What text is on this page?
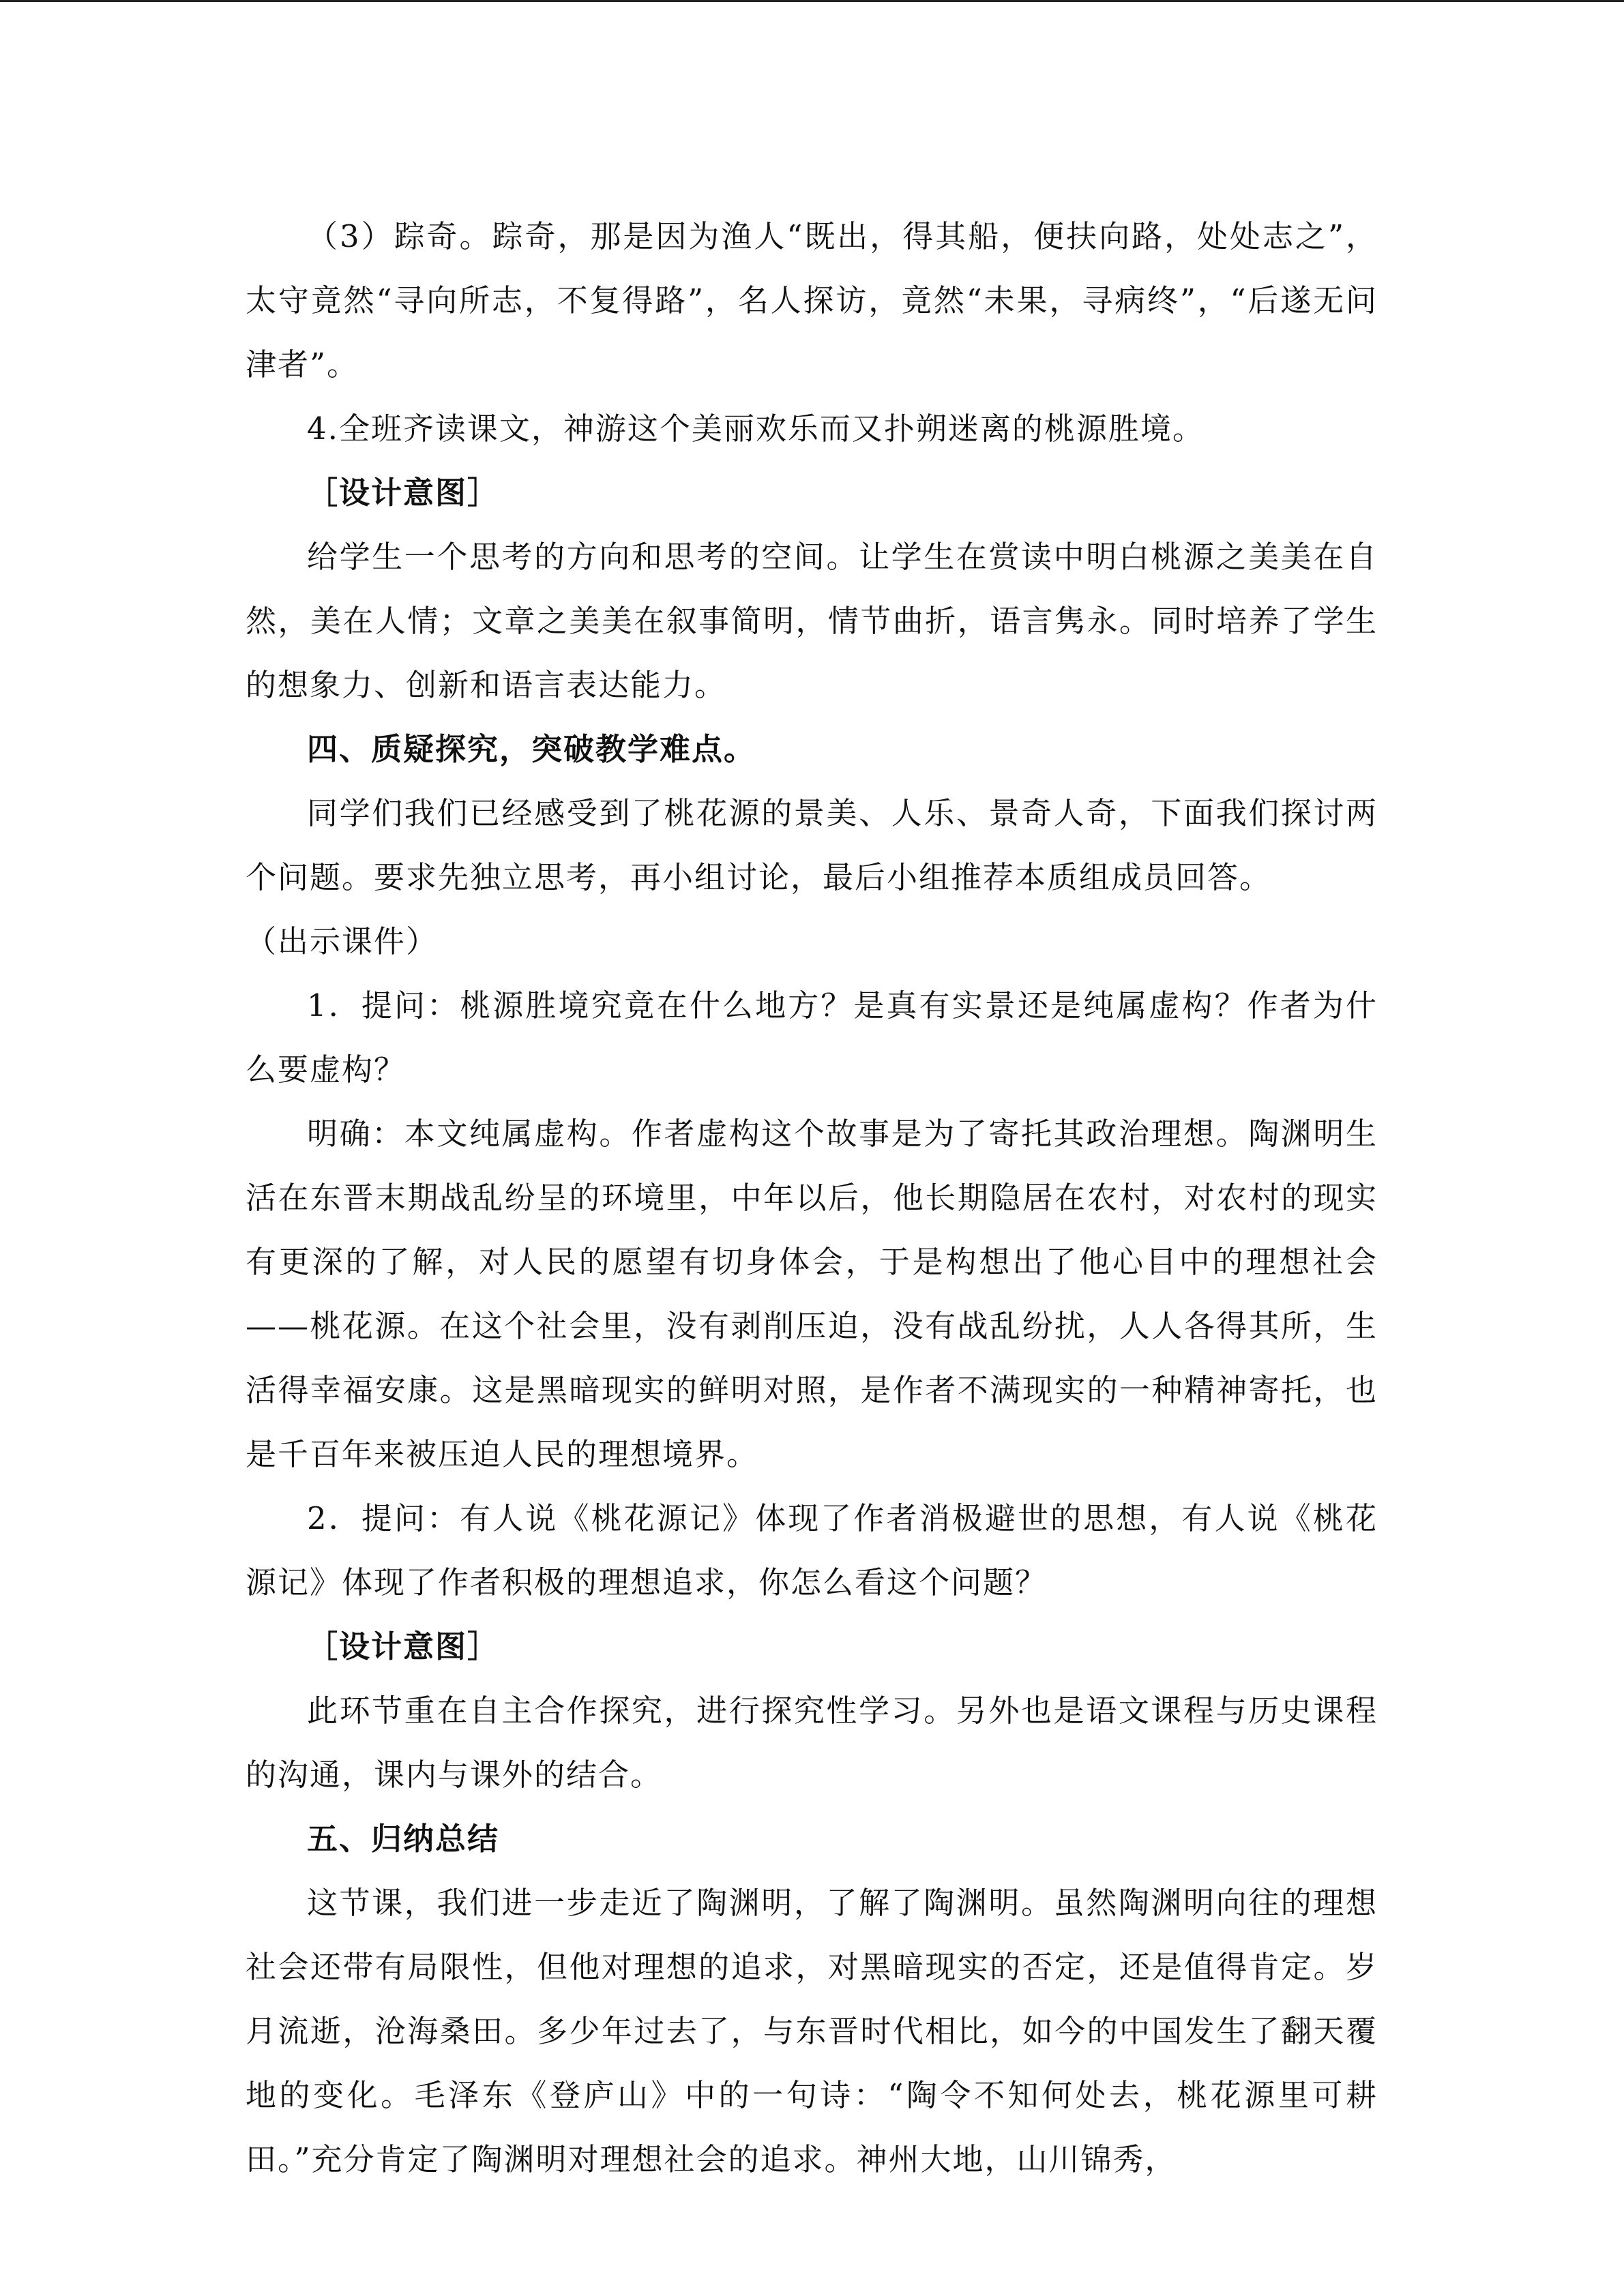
（3）踪奇。踪奇，那是因为渔人“既出，得其船，便扶向路，处处志之”，太守竟然“寻向所志，不复得路”，名人探访，竟然“未果，寻病终”，“后遂无问津者”。

4.全班齐读课文，神游这个美丽欢乐而又扑朔迷离的桃源胜境。

［设计意图］

给学生一个思考的方向和思考的空间。让学生在赏读中明白桃源之美美在自然，美在人情；文章之美美在叙事简明，情节曲折，语言隽永。同时培养了学生的想象力、创新和语言表达能力。

四、质疑探究，突破教学难点。

同学们我们已经感受到了桃花源的景美、人乐、景奇人奇，下面我们探讨两个问题。要求先独立思考，再小组讨论，最后小组推荐本质组成员回答。

（出示课件）

1．提问：桃源胜境究竟在什么地方？是真有实景还是纯属虚构？作者为什么要虚构？

明确：本文纯属虚构。作者虚构这个故事是为了寄托其政治理想。陶渊明生活在东晋末期战乱纷呈的环境里，中年以后，他长期隐居在农村，对农村的现实有更深的了解，对人民的愿望有切身体会，于是构想出了他心目中的理想社会——桃花源。在这个社会里，没有剥削压迫，没有战乱纷扰，人人各得其所，生活得幸福安康。这是黑暗现实的鲜明对照，是作者不满现实的一种精神寄托，也是千百年来被压迫人民的理想境界。

2．提问：有人说《桃花源记》体现了作者消极避世的思想，有人说《桃花源记》体现了作者积极的理想追求，你怎么看这个问题？

［设计意图］

此环节重在自主合作探究，进行探究性学习。另外也是语文课程与历史课程的沟通，课内与课外的结合。

五、归纳总结

这节课，我们进一步走近了陶渊明，了解了陶渊明。虽然陶渊明向往的理想社会还带有局限性，但他对理想的追求，对黑暗现实的否定，还是值得肯定。岁月流逝，沧海桑田。多少年过去了，与东晋时代相比，如今的中国发生了翻天覆地的变化。毛泽东《登庐山》中的一句诗：“陶令不知何处去，桃花源里可耕田。”充分肯定了陶渊明对理想社会的追求。神州大地，山川锦秀，
